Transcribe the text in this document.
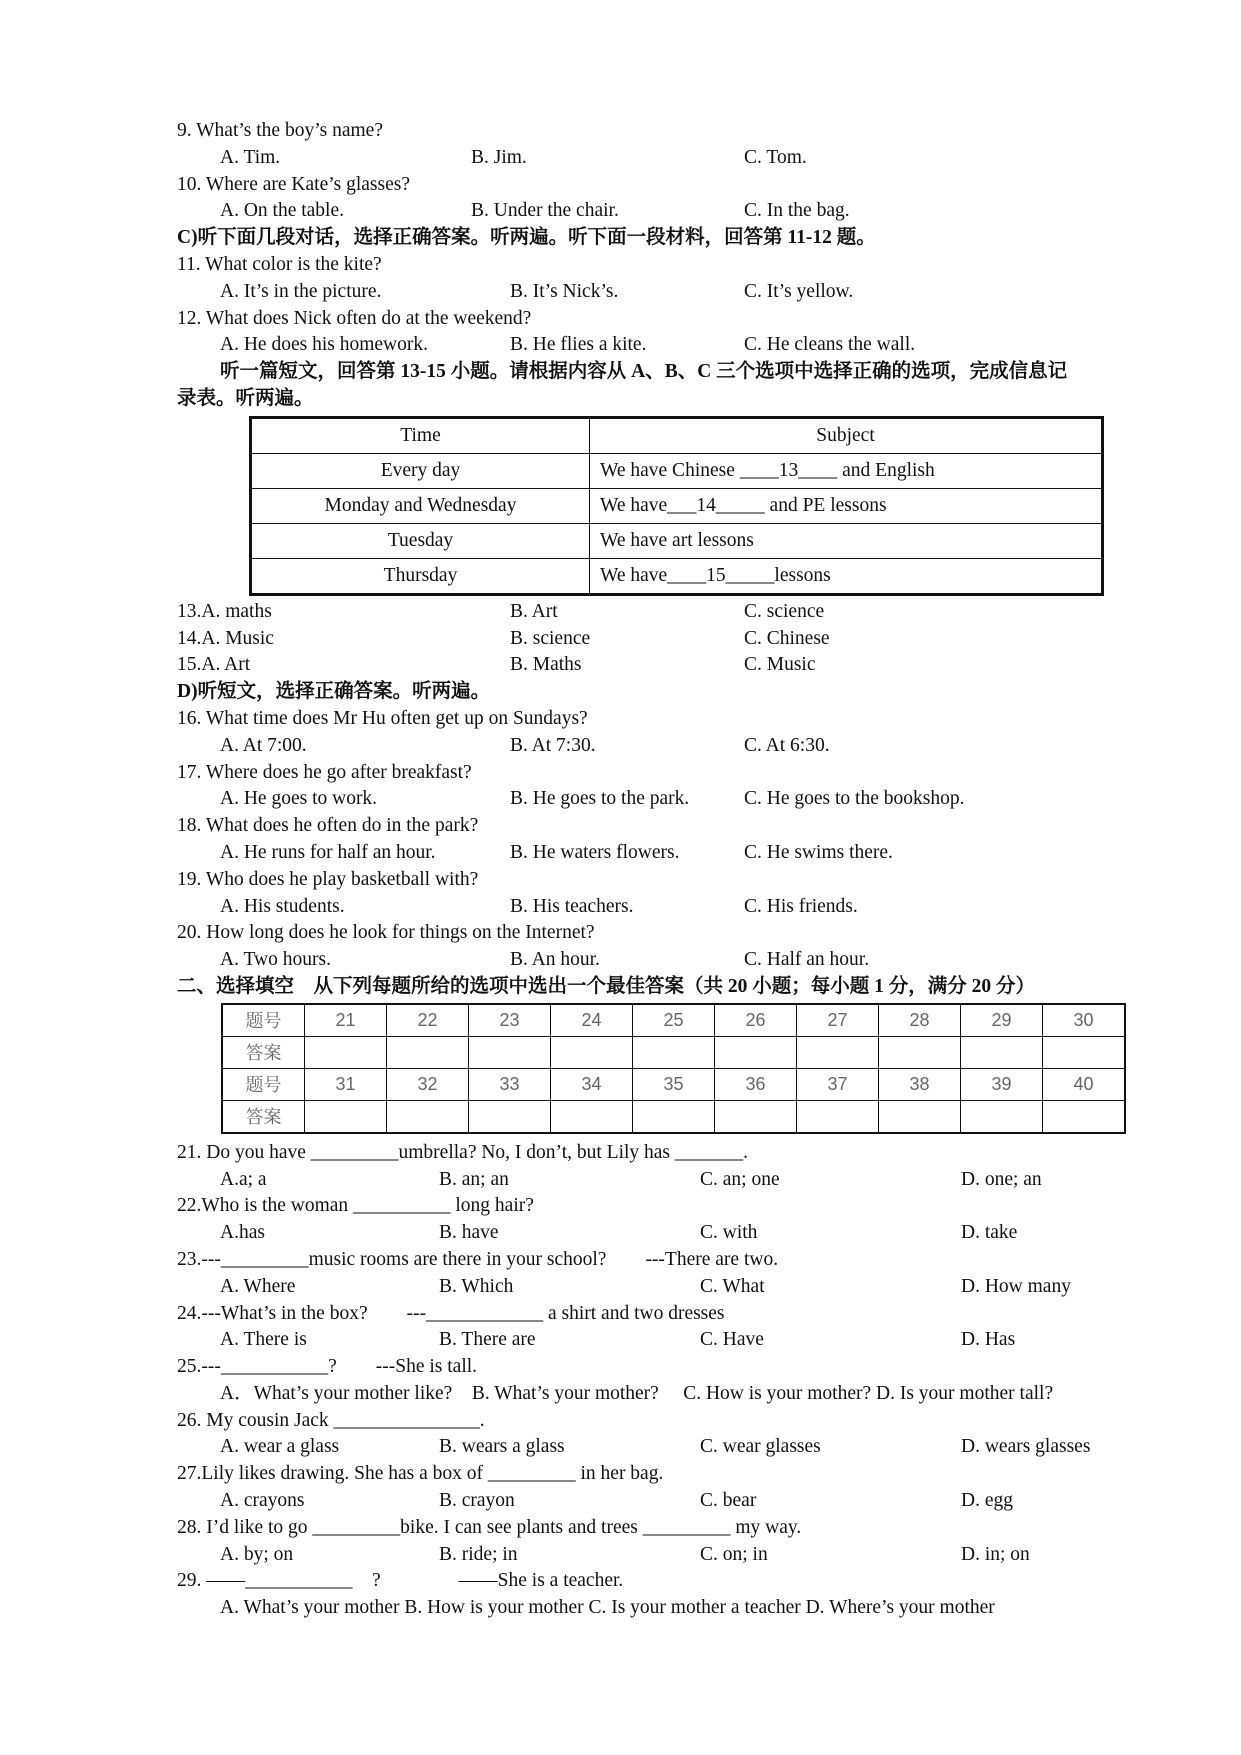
9. What’s the boy’s name?
A. Tim.	B. Jim.	C. Tom.
10. Where are Kate’s glasses?
A. On the table.	B. Under the chair.	C. In the bag.
C)听下面几段对话，选择正确答案。听两遍。听下面一段材料，回答第 11-12 题。
11. What color is the kite?
A. It’s in the picture.	B. It’s Nick’s.	C. It’s yellow.
12. What does Nick often do at the weekend?
A. He does his homework.	B. He flies a kite.	C. He cleans the wall.
听一篇短文，回答第 13-15 小题。请根据内容从 A、B、C 三个选项中选择正确的选项，完成信息记
录表。听两遍。
Time	Subject
Every day	We have Chinese ____13____ and English
Monday and Wednesday	We have___14_____ and PE lessons
Tuesday	We have art lessons
Thursday	We have____15_____lessons
13.A. maths	B. Art	C. science
14.A. Music	B. science	C. Chinese
15.A. Art	B. Maths	C. Music
D)听短文，选择正确答案。听两遍。
16. What time does Mr Hu often get up on Sundays?
A. At 7:00.	B. At 7:30.	C. At 6:30.
17. Where does he go after breakfast?
A. He goes to work.	B. He goes to the park.	C. He goes to the bookshop.
18. What does he often do in the park?
A. He runs for half an hour.	B. He waters flowers.	C. He swims there.
19. Who does he play basketball with?
A. His students.	B. His teachers.	C. His friends.
20. How long does he look for things on the Internet?
A. Two hours.	B. An hour.	C. Half an hour.
二、选择填空　从下列每题所给的选项中选出一个最佳答案（共 20 小题；每小题 1 分，满分 20 分）
题号	21	22	23	24	25	26	27	28	29	30
答案										
题号	31	32	33	34	35	36	37	38	39	40
答案										
21. Do you have _________umbrella? No, I don’t, but Lily has _______.
A.a; a	B. an; an	C. an; one	D. one; an
22.Who is the woman __________ long hair?
A.has	B. have	C. with	D. take
23.---_________music rooms are there in your school?　　---There are two.
A. Where	B. Which	C. What	D. How many
24.---What’s in the box?　　---____________ a shirt and two dresses
A. There is	B. There are	C. Have	D. Has
25.---___________?　　---She is tall.
A．What’s your mother like?　B. What’s your mother?　 C. How is your mother? D. Is your mother tall?
26. My cousin Jack _______________.
A. wear a glass	B. wears a glass	C. wear glasses	D. wears glasses
27.Lily likes drawing. She has a box of _________ in her bag.
A. crayons	B. crayon	C. bear	D. egg
28. I’d like to go _________bike. I can see plants and trees _________ my way.
A. by; on	B. ride; in	C. on; in	D. in; on
29. ——___________　?　　　　——She is a teacher.
A. What’s your mother B. How is your mother C. Is your mother a teacher D. Where’s your mother
